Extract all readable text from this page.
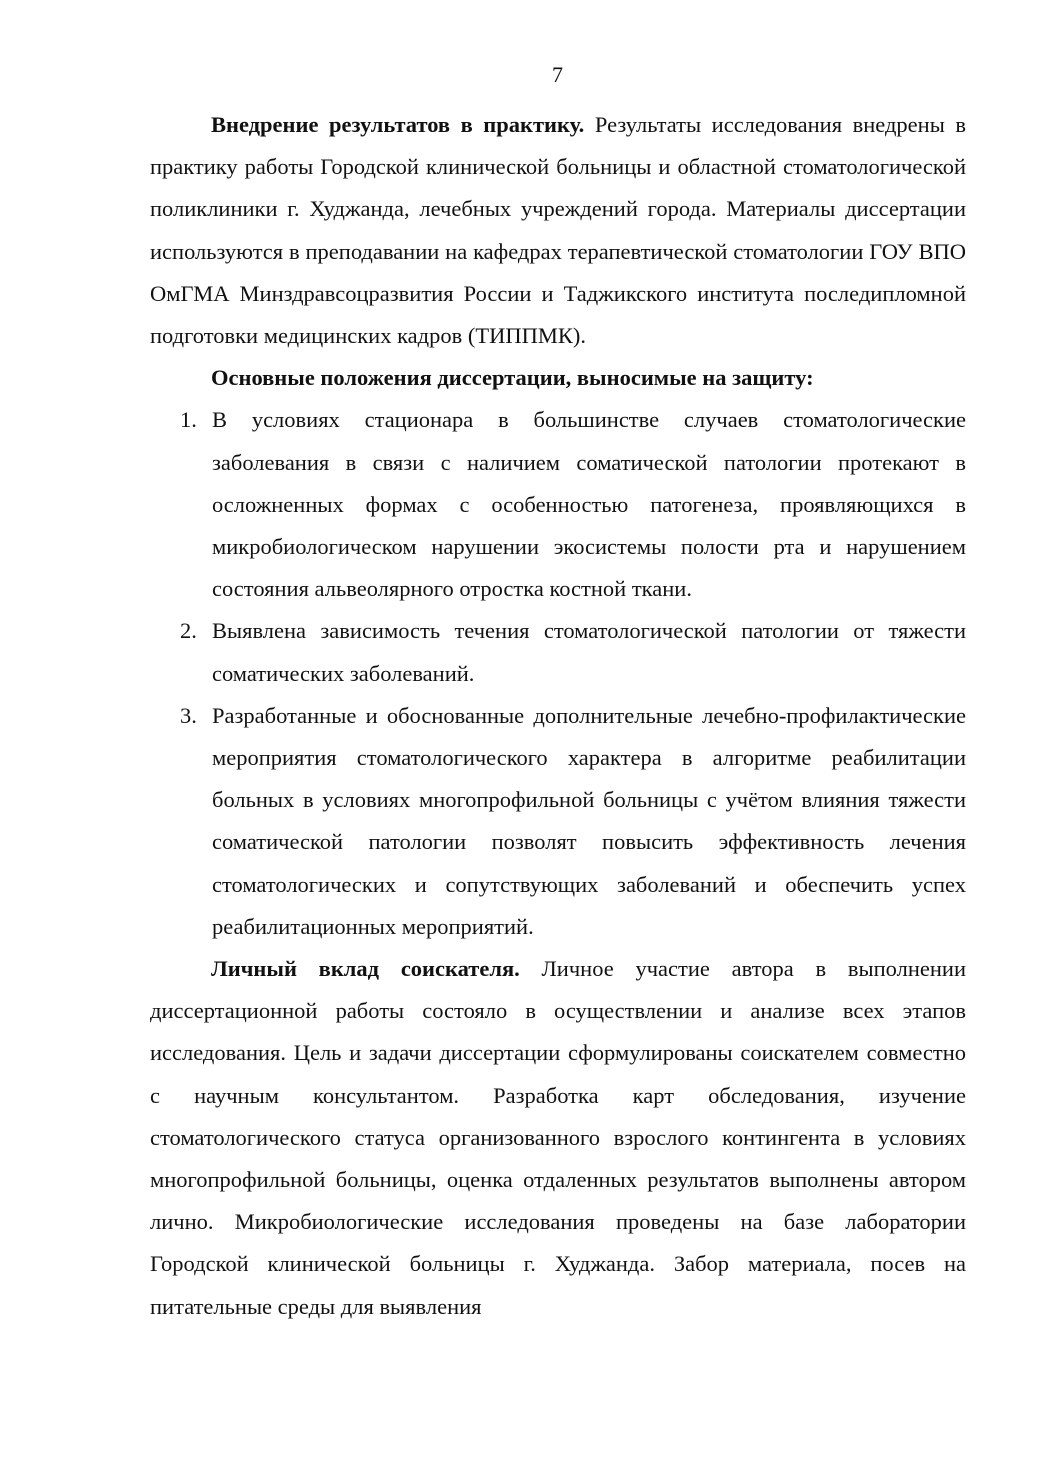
7

Внедрение результатов в практику. Результаты исследования внедрены в практику работы Городской клинической больницы и областной стоматологической поликлиники г. Худжанда, лечебных учреждений города. Материалы диссертации используются в преподавании на кафедрах терапевтической стоматологии ГОУ ВПО ОмГМА Минздравсоцразвития России и Таджикского института последипломной подготовки медицинских кадров (ТИППМК).

Основные положения диссертации, выносимые на защиту:

1. В условиях стационара в большинстве случаев стоматологические заболевания в связи с наличием соматической патологии протекают в осложненных формах с особенностью патогенеза, проявляющихся в микробиологическом нарушении экосистемы полости рта и нарушением состояния альвеолярного отростка костной ткани.
2. Выявлена зависимость течения стоматологической патологии от тяжести соматических заболеваний.
3. Разработанные и обоснованные дополнительные лечебно-профилактические мероприятия стоматологического характера в алгоритме реабилитации больных в условиях многопрофильной больницы с учётом влияния тяжести соматической патологии позволят повысить эффективность лечения стоматологических и сопутствующих заболеваний и обеспечить успех реабилитационных мероприятий.

Личный вклад соискателя. Личное участие автора в выполнении диссертационной работы состояло в осуществлении и анализе всех этапов исследования. Цель и задачи диссертации сформулированы соискателем совместно с научным консультантом. Разработка карт обследования, изучение стоматологического статуса организованного взрослого контингента в условиях многопрофильной больницы, оценка отдаленных результатов выполнены автором лично. Микробиологические исследования проведены на базе лаборатории Городской клинической больницы г. Худжанда. Забор материала, посев на питательные среды для выявления
